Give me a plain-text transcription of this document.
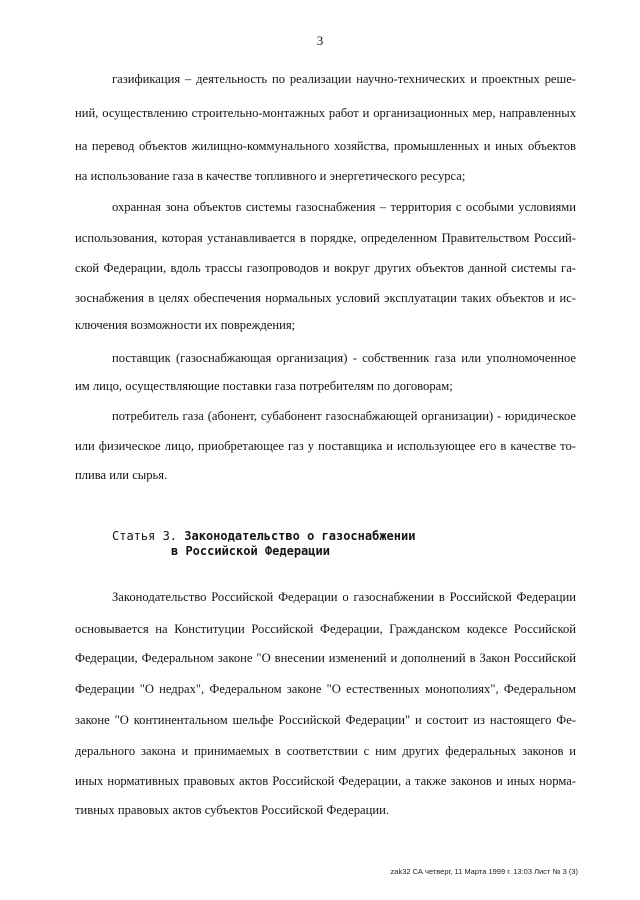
3
газификация – деятельность по реализации научно-технических и проектных реше-
ний, осуществлению строительно-монтажных работ и организационных мер, направленных
на перевод объектов жилищно-коммунального хозяйства, промышленных и иных объектов
на использование газа в качестве топливного и энергетического ресурса;
охранная зона объектов системы газоснабжения – территория с особыми условиями
использования, которая устанавливается в порядке, определенном Правительством Россий-
ской Федерации, вдоль трассы газопроводов и вокруг других объектов данной системы га-
зоснабжения в целях обеспечения нормальных условий эксплуатации таких объектов и ис-
ключения возможности их повреждения;
поставщик (газоснабжающая организация) - собственник газа или уполномоченное
им лицо, осуществляющие поставки газа потребителям по договорам;
потребитель газа (абонент, субабонент газоснабжающей организации) - юридическое
или физическое лицо, приобретающее газ у поставщика и использующее его в качестве то-
плива или сырья.
Статья 3. Законодательство о газоснабжении
в Российской Федерации
Законодательство Российской Федерации о газоснабжении в Российской Федерации
основывается на Конституции Российской Федерации, Гражданском кодексе Российской
Федерации, Федеральном законе "О внесении изменений и дополнений в Закон Российской
Федерации "О недрах", Федеральном законе "О естественных монополиях", Федеральном
законе "О континентальном шельфе Российской Федерации" и состоит из настоящего Фе-
дерального закона и принимаемых в соответствии с ним других федеральных законов и
иных нормативных правовых актов Российской Федерации, а также законов и иных норма-
тивных правовых актов субъектов Российской Федерации.
zak32 СА четверг, 11 Марта 1999 г. 13:03 Лист № 3 (3)
